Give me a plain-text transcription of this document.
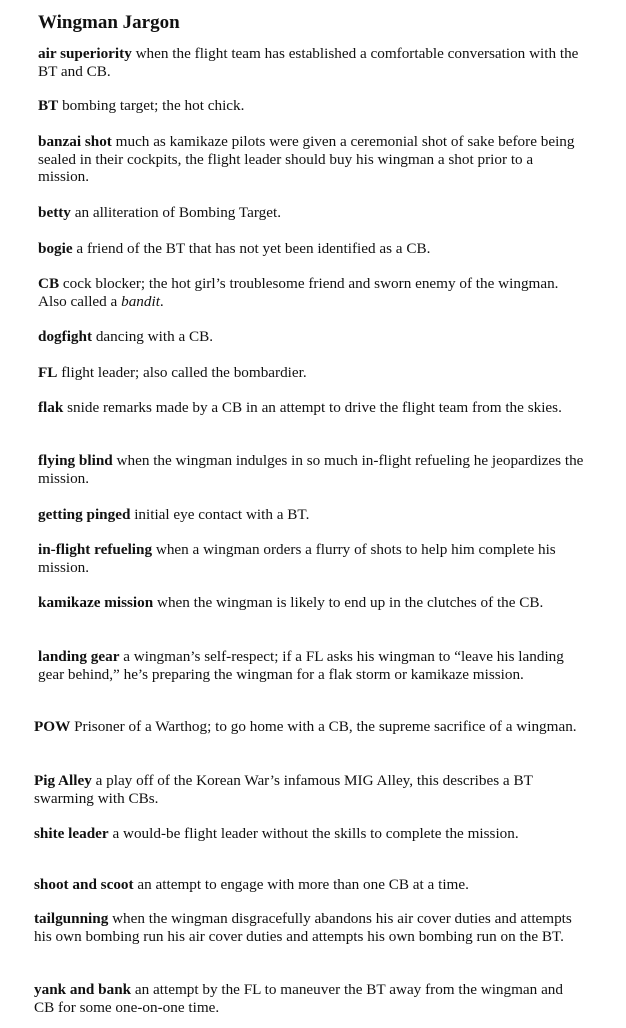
Wingman Jargon
air superiority when the flight team has established a comfortable conversation with the BT and CB.
BT bombing target; the hot chick.
banzai shot much as kamikaze pilots were given a ceremonial shot of sake before being sealed in their cockpits, the flight leader should buy his wingman a shot prior to a mission.
betty an alliteration of Bombing Target.
bogie a friend of the BT that has not yet been identified as a CB.
CB cock blocker; the hot girl’s troublesome friend and sworn enemy of the wingman. Also called a bandit.
dogfight dancing with a CB.
FL flight leader; also called the bombardier.
flak snide remarks made by a CB in an attempt to drive the flight team from the skies.
flying blind when the wingman indulges in so much in-flight refueling he jeopardizes the mission.
getting pinged initial eye contact with a BT.
in-flight refueling when a wingman orders a flurry of shots to help him complete his mission.
kamikaze mission when the wingman is likely to end up in the clutches of the CB.
landing gear a wingman’s self-respect; if a FL asks his wingman to “leave his landing gear behind,” he’s preparing the wingman for a flak storm or kamikaze mission.
POW Prisoner of a Warthog; to go home with a CB, the supreme sacrifice of a wingman.
Pig Alley a play off of the Korean War’s infamous MIG Alley, this describes a BT swarming with CBs.
shite leader a would-be flight leader without the skills to complete the mission.
shoot and scoot an attempt to engage with more than one CB at a time.
tailgunning when the wingman disgracefully abandons his air cover duties and attempts his own bombing run his air cover duties and attempts his own bombing run on the BT.
yank and bank an attempt by the FL to maneuver the BT away from the wingman and CB for some one-on-one time.
